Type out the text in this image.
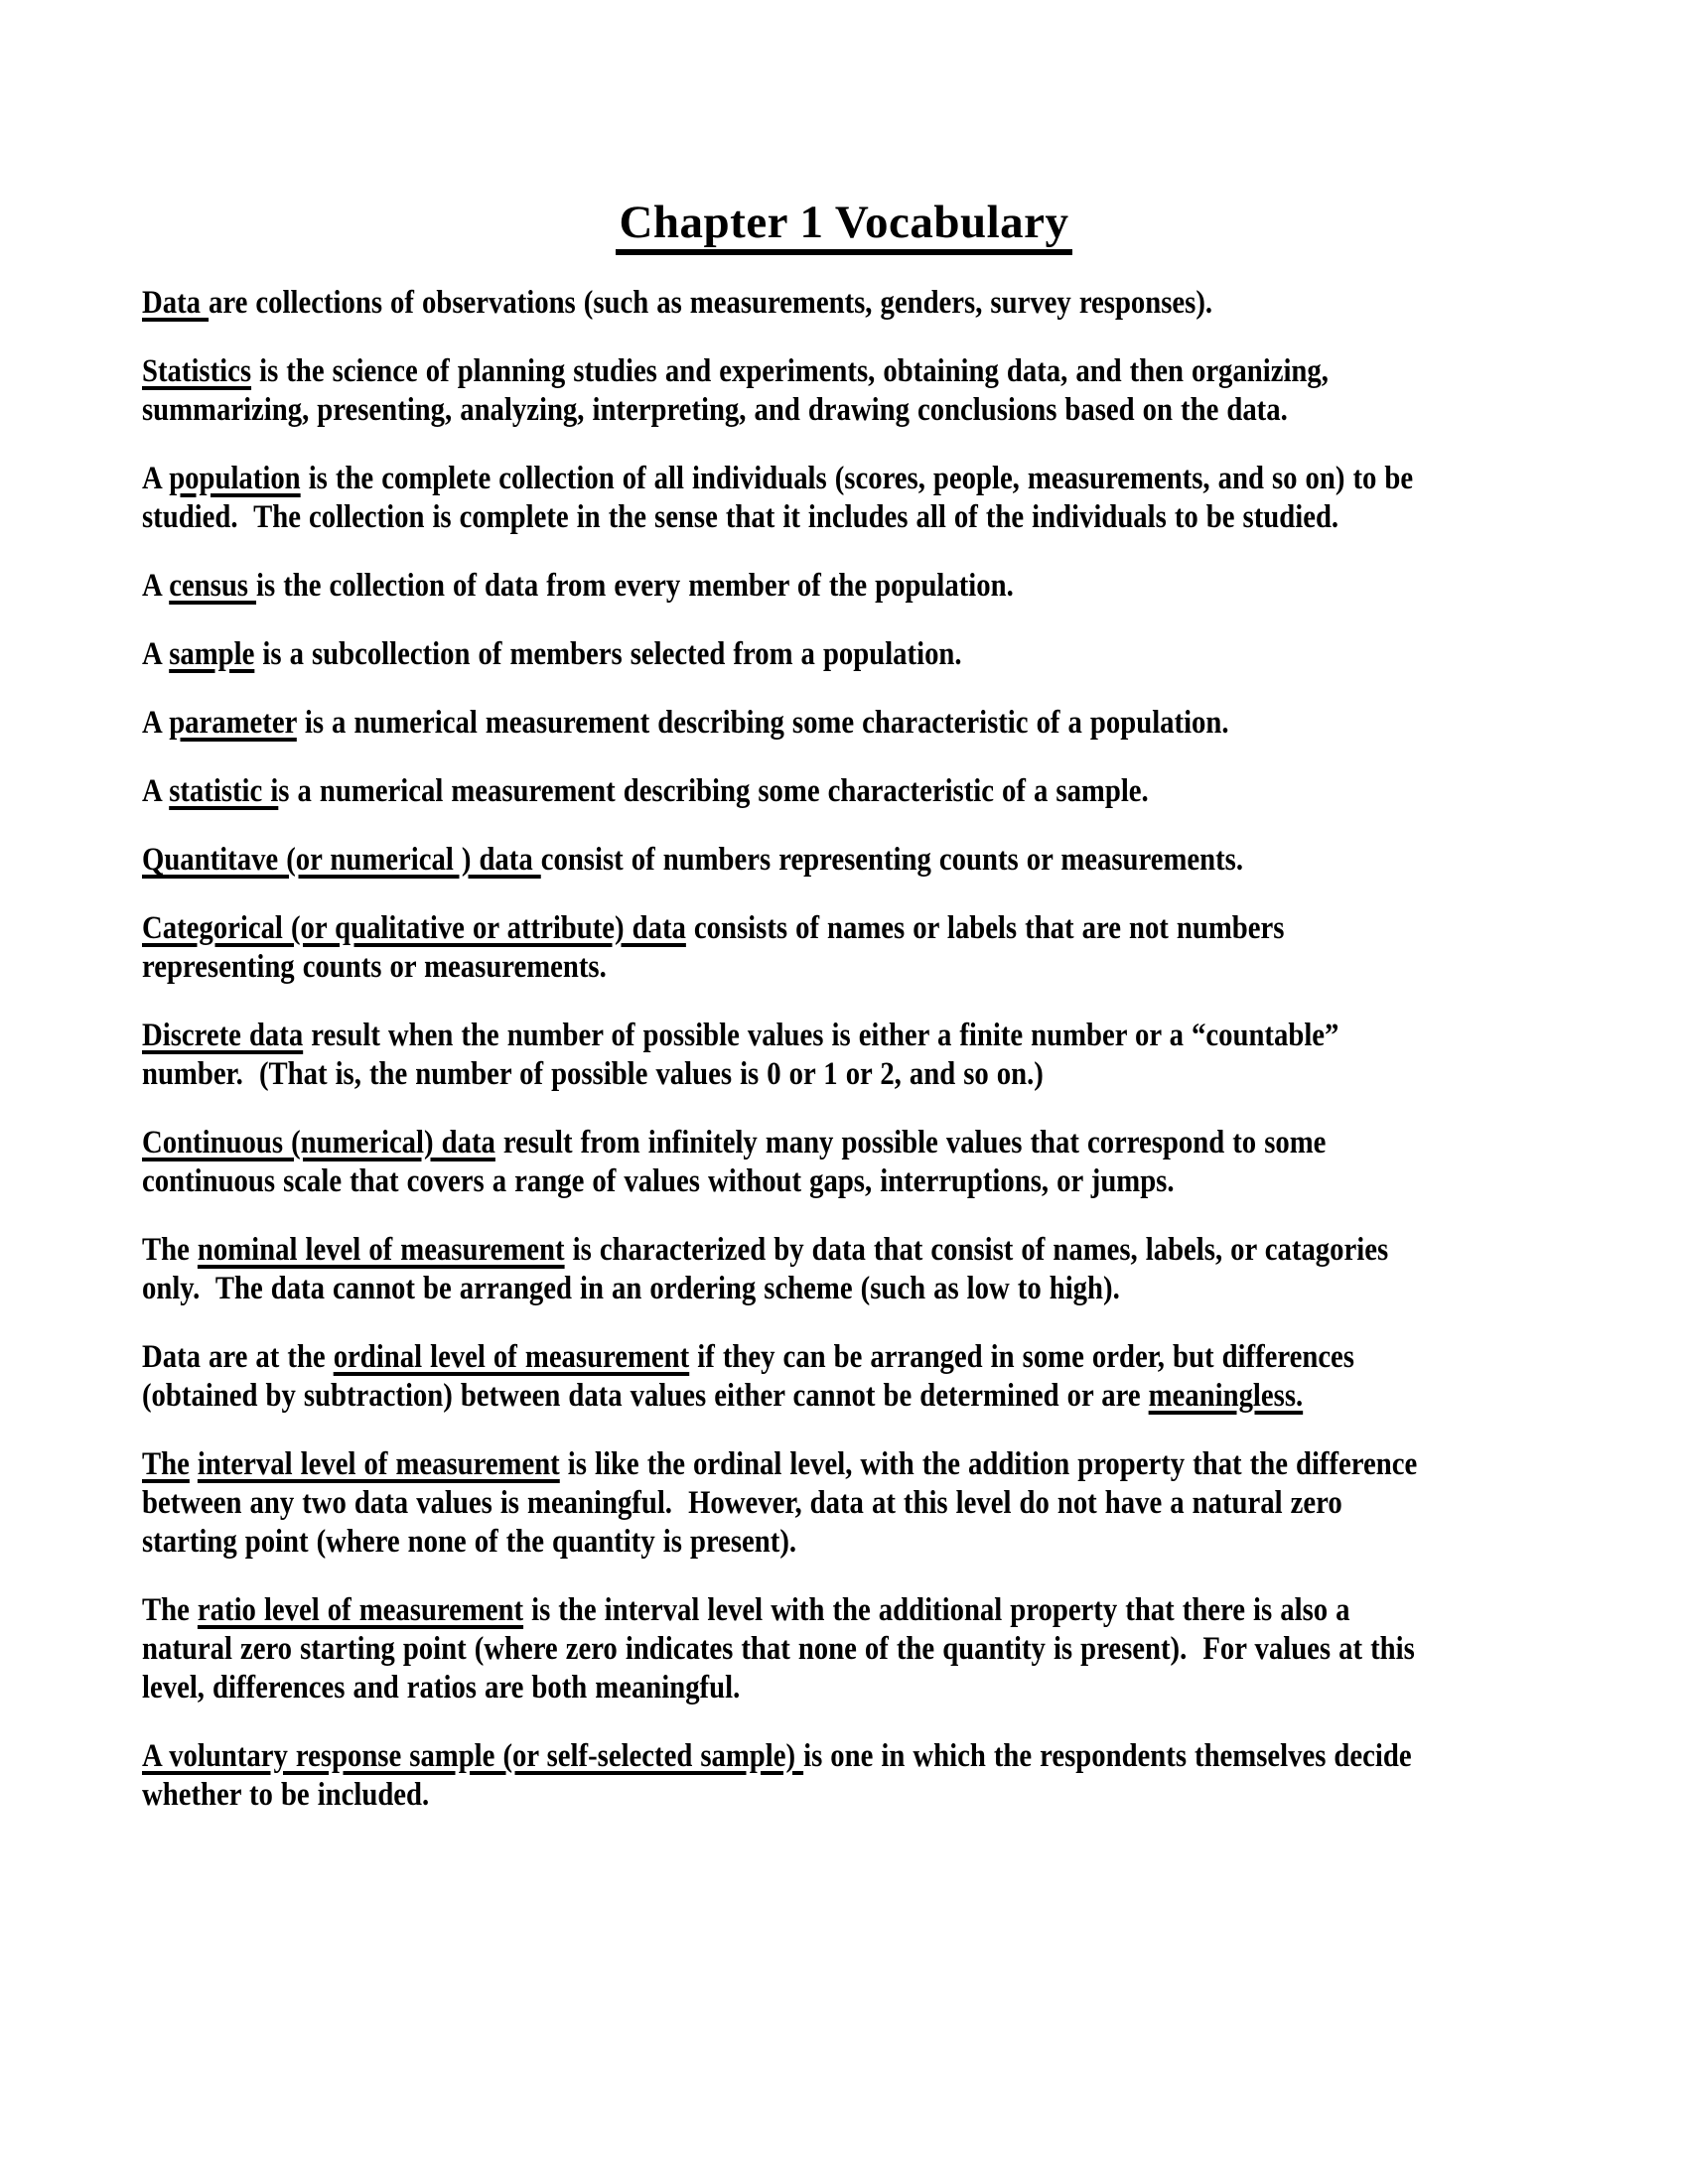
Chapter 1 Vocabulary

Data are collections of observations (such as measurements, genders, survey responses).

Statistics is the science of planning studies and experiments, obtaining data, and then organizing, summarizing, presenting, analyzing, interpreting, and drawing conclusions based on the data.

A population is the complete collection of all individuals (scores, people, measurements, and so on) to be studied.  The collection is complete in the sense that it includes all of the individuals to be studied.

A census is the collection of data from every member of the population.

A sample is a subcollection of members selected from a population.

A parameter is a numerical measurement describing some characteristic of a population.

A statistic is a numerical measurement describing some characteristic of a sample.

Quantitave (or numerical ) data consist of numbers representing counts or measurements.

Categorical (or qualitative or attribute) data consists of names or labels that are not numbers representing counts or measurements.

Discrete data result when the number of possible values is either a finite number or a “countable” number.  (That is, the number of possible values is 0 or 1 or 2, and so on.)

Continuous (numerical) data result from infinitely many possible values that correspond to some continuous scale that covers a range of values without gaps, interruptions, or jumps.

The nominal level of measurement is characterized by data that consist of names, labels, or catagories only.  The data cannot be arranged in an ordering scheme (such as low to high).

Data are at the ordinal level of measurement if they can be arranged in some order, but differences (obtained by subtraction) between data values either cannot be determined or are meaningless.

The interval level of measurement is like the ordinal level, with the addition property that the difference between any two data values is meaningful.  However, data at this level do not have a natural zero starting point (where none of the quantity is present).

The ratio level of measurement is the interval level with the additional property that there is also a natural zero starting point (where zero indicates that none of the quantity is present).  For values at this level, differences and ratios are both meaningful.

A voluntary response sample (or self-selected sample) is one in which the respondents themselves decide whether to be included.
